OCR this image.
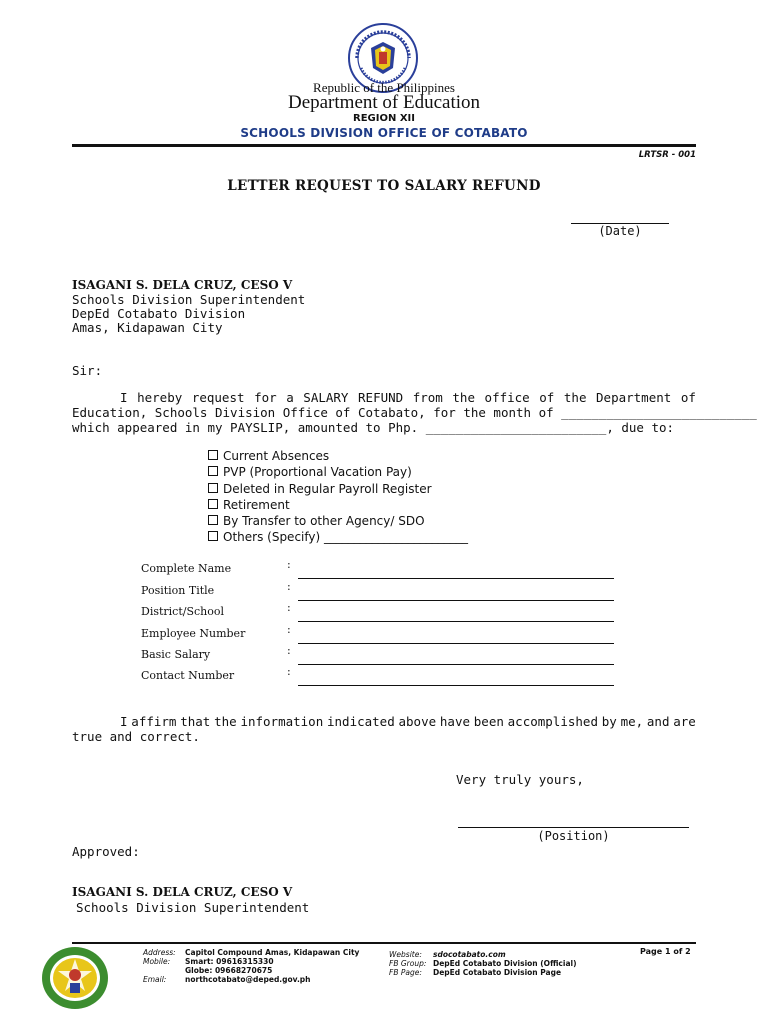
Republic of the Philippines
Department of Education
REGION XII
SCHOOLS DIVISION OFFICE OF COTABATO
LRTSR - 001
LETTER REQUEST TO SALARY REFUND
(Date)
ISAGANI S. DELA CRUZ, CESO V
Schools Division Superintendent
DepEd Cotabato Division
Amas, Kidapawan City
Sir:
I hereby request for a SALARY REFUND from the office of the Department of
Education, Schools Division Office of Cotabato, for the month of __________________________
which appeared in my PAYSLIP, amounted to Php. ________________________, due to:
Current Absences
PVP (Proportional Vacation Pay)
Deleted in Regular Payroll Register
Retirement
By Transfer to other Agency/ SDO
Others (Specify) ________________________
Complete Name	:
Position Title	:
District/School	:
Employee Number	:
Basic Salary	:
Contact Number	:
I affirm that the information indicated above have been accomplished by me, and are
true and correct.
Very truly yours,
(Position)
Approved:
ISAGANI S. DELA CRUZ, CESO V
Schools Division Superintendent
Address: Capitol Compound Amas, Kidapawan City
Mobile: Smart: 09616315330
Globe: 09668270675
Email: northcotabato@deped.gov.ph
Website: sdocotabato.com
FB Group: DepEd Cotabato Division (Official)
FB Page: DepEd Cotabato Division Page
Page 1 of 2
